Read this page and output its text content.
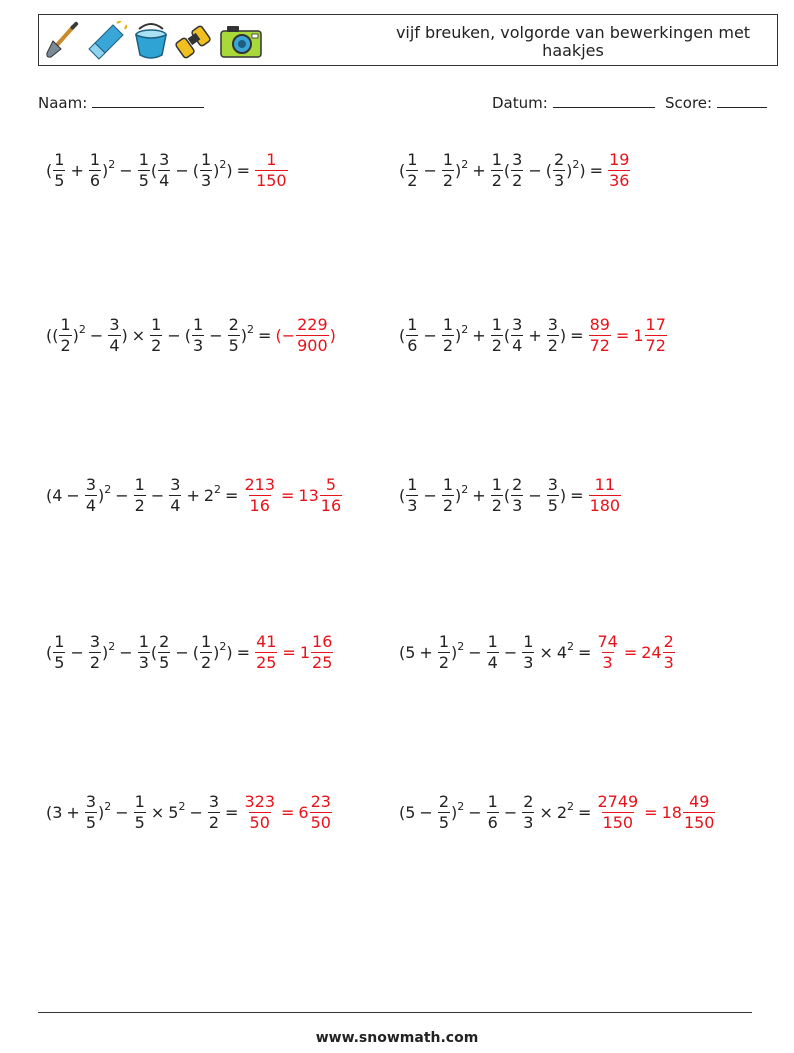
vijf breuken, volgorde van bewerkingen met haakjes
Naam:	Datum:	Score:
( $\frac{1}{5} + \frac{1}{6} )^2 - \frac{1}{5}$ ( $\frac{3}{4}$ − ( $\frac{1}{3} )^2$ ) = $\frac{1}{150}$	( $\frac{1}{2} - \frac{1}{2} )^2 + \frac{1}{2}$ ( $\frac{3}{2}$ − ( $\frac{2}{3} )^2$ ) = $\frac{19}{36}$
(( $\frac{1}{2} )^2 - \frac{3}{4}$ ) × $\frac{1}{2}$ − ( $\frac{1}{3} - \frac{2}{5} )^2$ = (− $\frac{229}{900}$ )	( $\frac{1}{6} - \frac{1}{2} )^2 + \frac{1}{2}$ ( $\frac{3}{4} + \frac{3}{2}$ ) = $\frac{89}{72} = 1 \frac{17}{72}$
$(4 - \frac{3}{4} )^2 - \frac{1}{2} - \frac{3}{4} + 2^2 = \frac{213}{16} = 13 \frac{5}{16}$	( $\frac{1}{3} - \frac{1}{2} )^2 + \frac{1}{2}$ ( $\frac{2}{3} - \frac{3}{5}$ ) = $\frac{11}{180}$
( $\frac{1}{5} - \frac{3}{2} )^2 - \frac{1}{3}$ ( $\frac{2}{5}$ − ( $\frac{1}{2} )^2$ ) = $\frac{41}{25} = 1 \frac{16}{25}$	$(5 + \frac{1}{2} )^2 - \frac{1}{4} - \frac{1}{3} \times 4^2 = \frac{74}{3} = 24 \frac{2}{3}$
$(3 + \frac{3}{5} )^2 - \frac{1}{5} \times 5^2 - \frac{3}{2} = \frac{323}{50} = 6 \frac{23}{50}$	$(5 - \frac{2}{5} )^2 - \frac{1}{6} - \frac{2}{3} \times 2^2 = \frac{2749}{150} = 18 \frac{49}{150}$
www.snowmath.com
